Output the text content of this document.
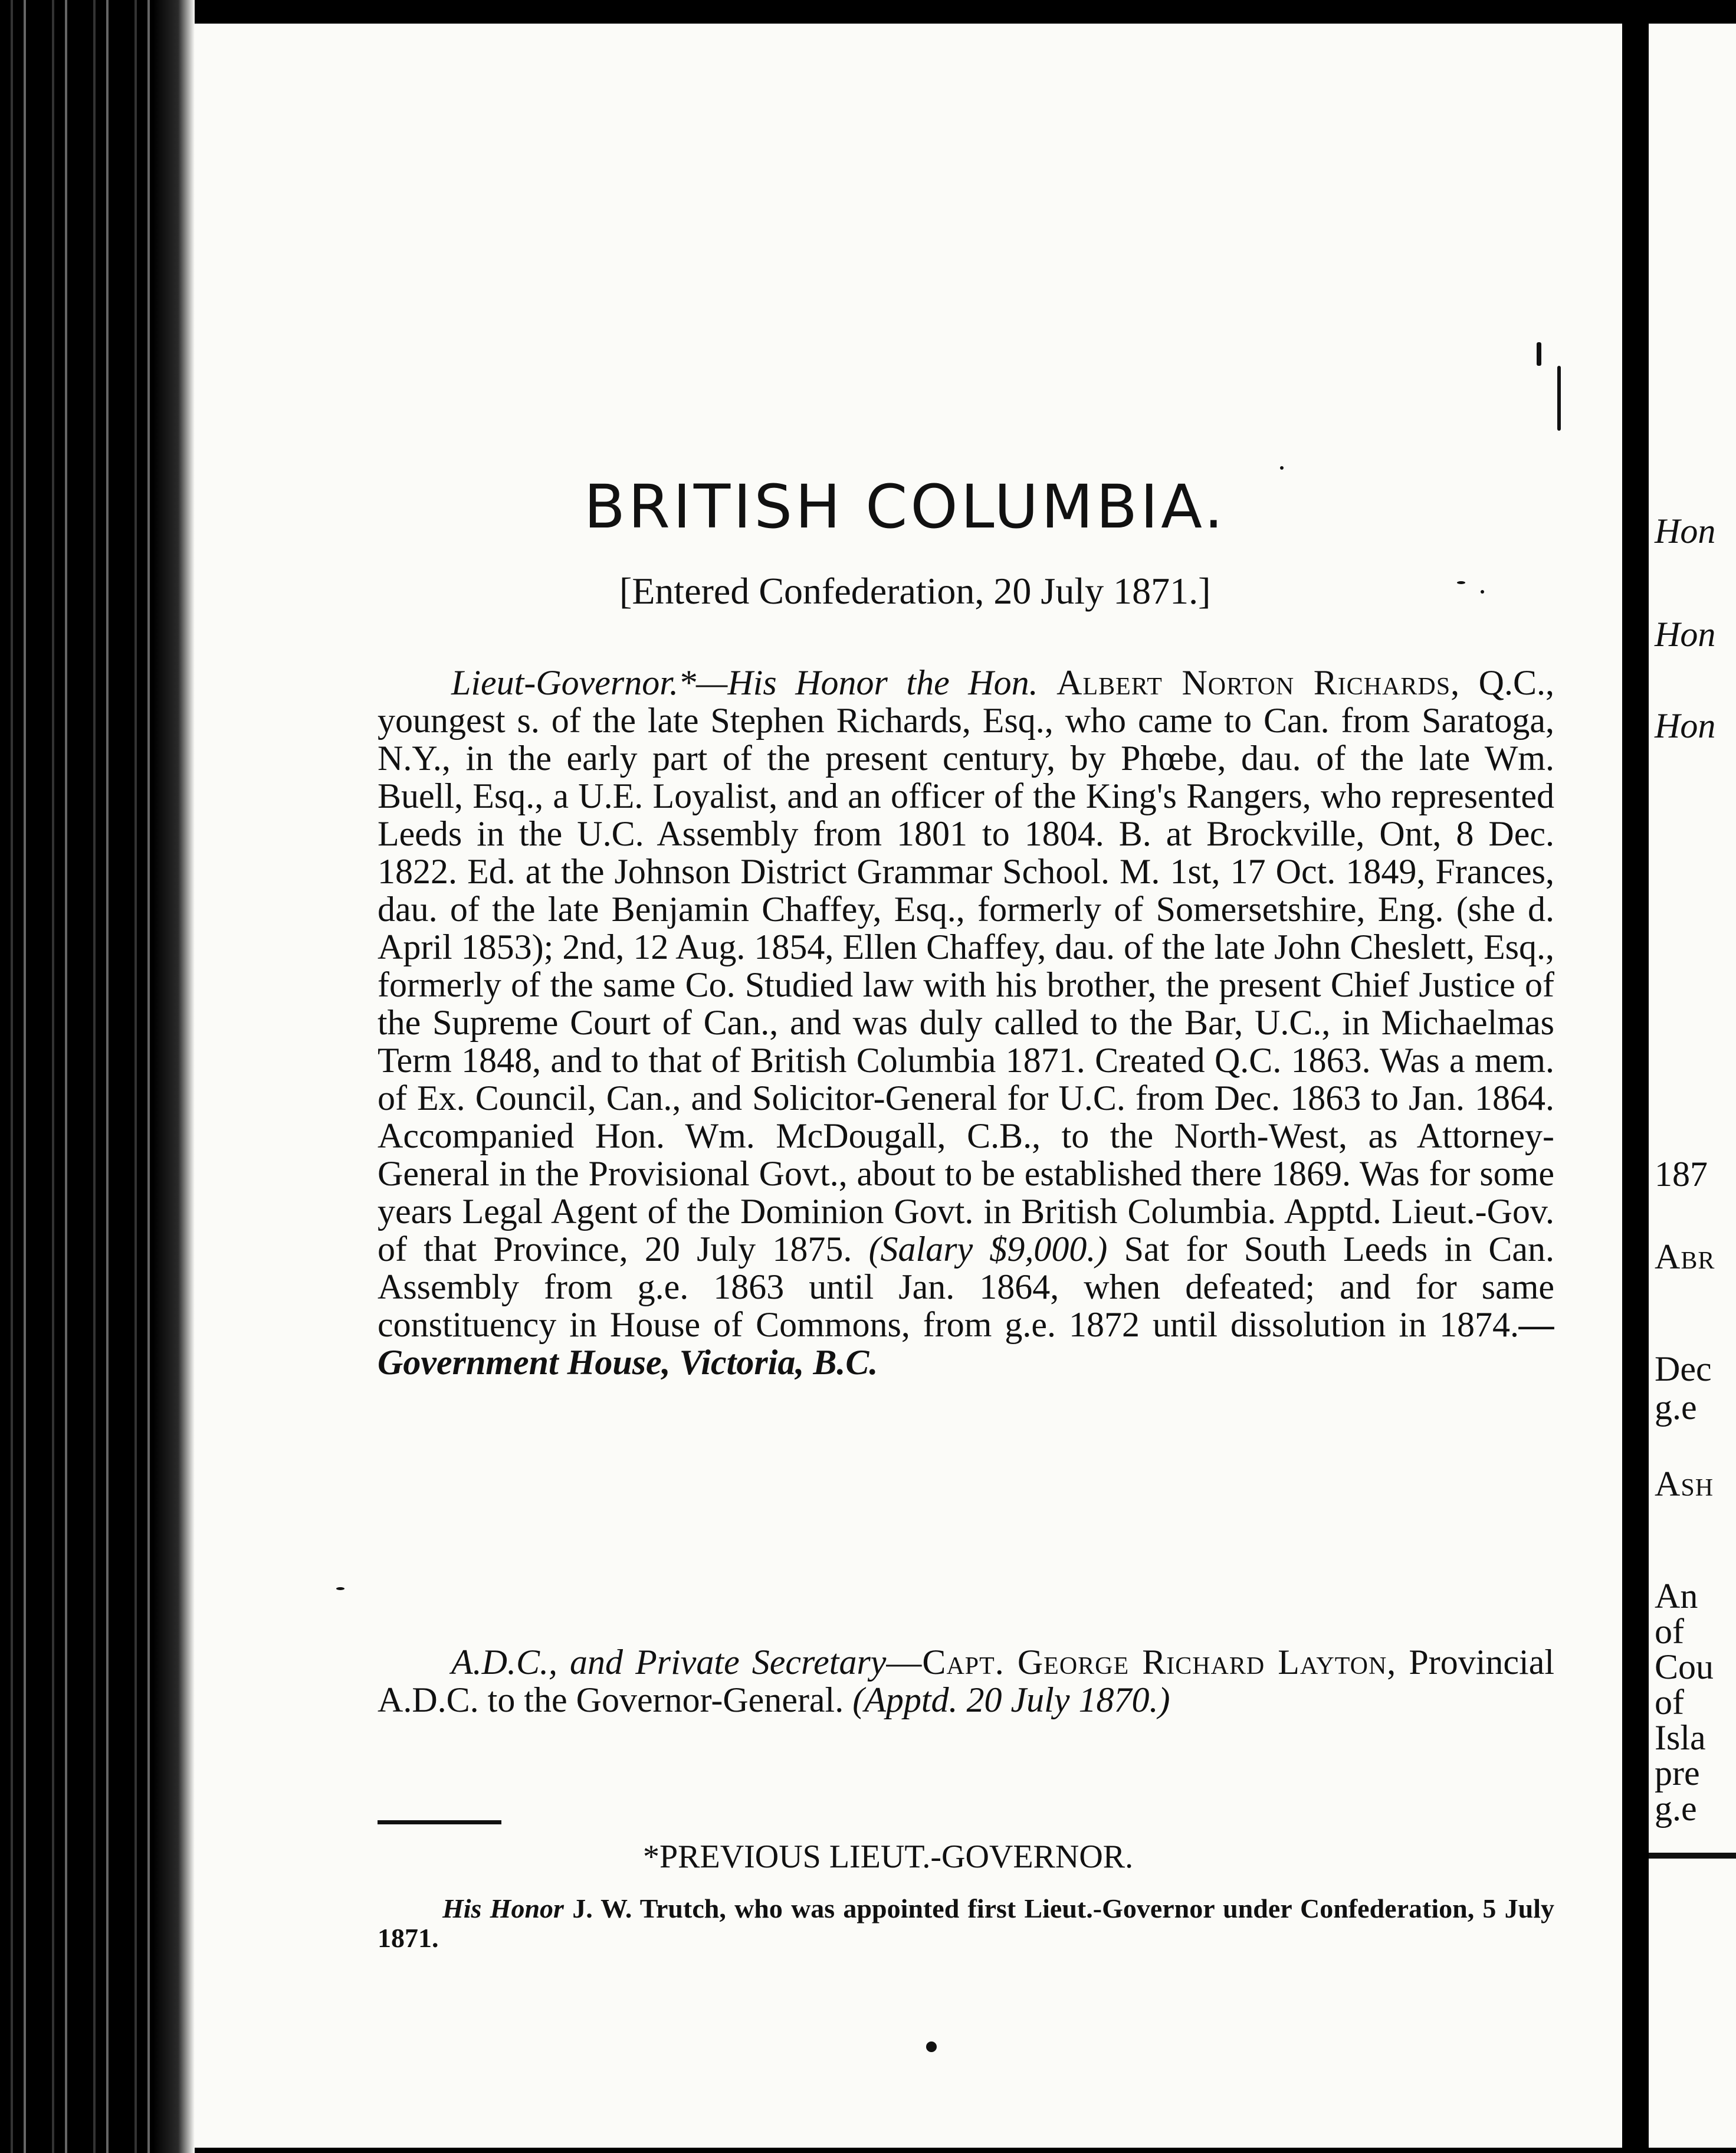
BRITISH COLUMBIA.
[Entered Confederation, 20 July 1871.]

Lieut-Governor.*—His Honor the Hon. Albert Norton Richards, Q.C., youngest s. of the late Stephen Richards, Esq., who came to Can. from Saratoga, N.Y., in the early part of the present century, by Phœbe, dau. of the late Wm. Buell, Esq., a U.E. Loyalist, and an officer of the King's Rangers, who represented Leeds in the U.C. Assembly from 1801 to 1804. B. at Brockville, Ont, 8 Dec. 1822. Ed. at the Johnson District Grammar School. M. 1st, 17 Oct. 1849, Frances, dau. of the late Benjamin Chaffey, Esq., formerly of Somersetshire, Eng. (she d. April 1853); 2nd, 12 Aug. 1854, Ellen Chaffey, dau. of the late John Cheslett, Esq., formerly of the same Co. Studied law with his brother, the present Chief Justice of the Supreme Court of Can., and was duly called to the Bar, U.C., in Michaelmas Term 1848, and to that of British Columbia 1871. Created Q.C. 1863. Was a mem. of Ex. Council, Can., and Solicitor-General for U.C. from Dec. 1863 to Jan. 1864. Accompanied Hon. Wm. McDougall, C.B., to the North-West, as Attorney-General in the Provisional Govt., about to be established there 1869. Was for some years Legal Agent of the Dominion Govt. in British Columbia. Apptd. Lieut.-Gov. of that Province, 20 July 1875. (Salary $9,000.) Sat for South Leeds in Can. Assembly from g.e. 1863 until Jan. 1864, when defeated; and for same constituency in House of Commons, from g.e. 1872 until dissolution in 1874.—Government House, Victoria, B.C.

A.D.C., and Private Secretary—Capt. George Richard Layton, Provincial A.D.C. to the Governor-General. (Apptd. 20 July 1870.)

*PREVIOUS LIEUT.-GOVERNOR.

His Honor J. W. Trutch, who was appointed first Lieut.-Governor under Confederation, 5 July 1871.

Hon
Hon
Hon
187
Abr
Dec
g.e
Ash
An
of
Cou
of
Isla
pre
g.e
